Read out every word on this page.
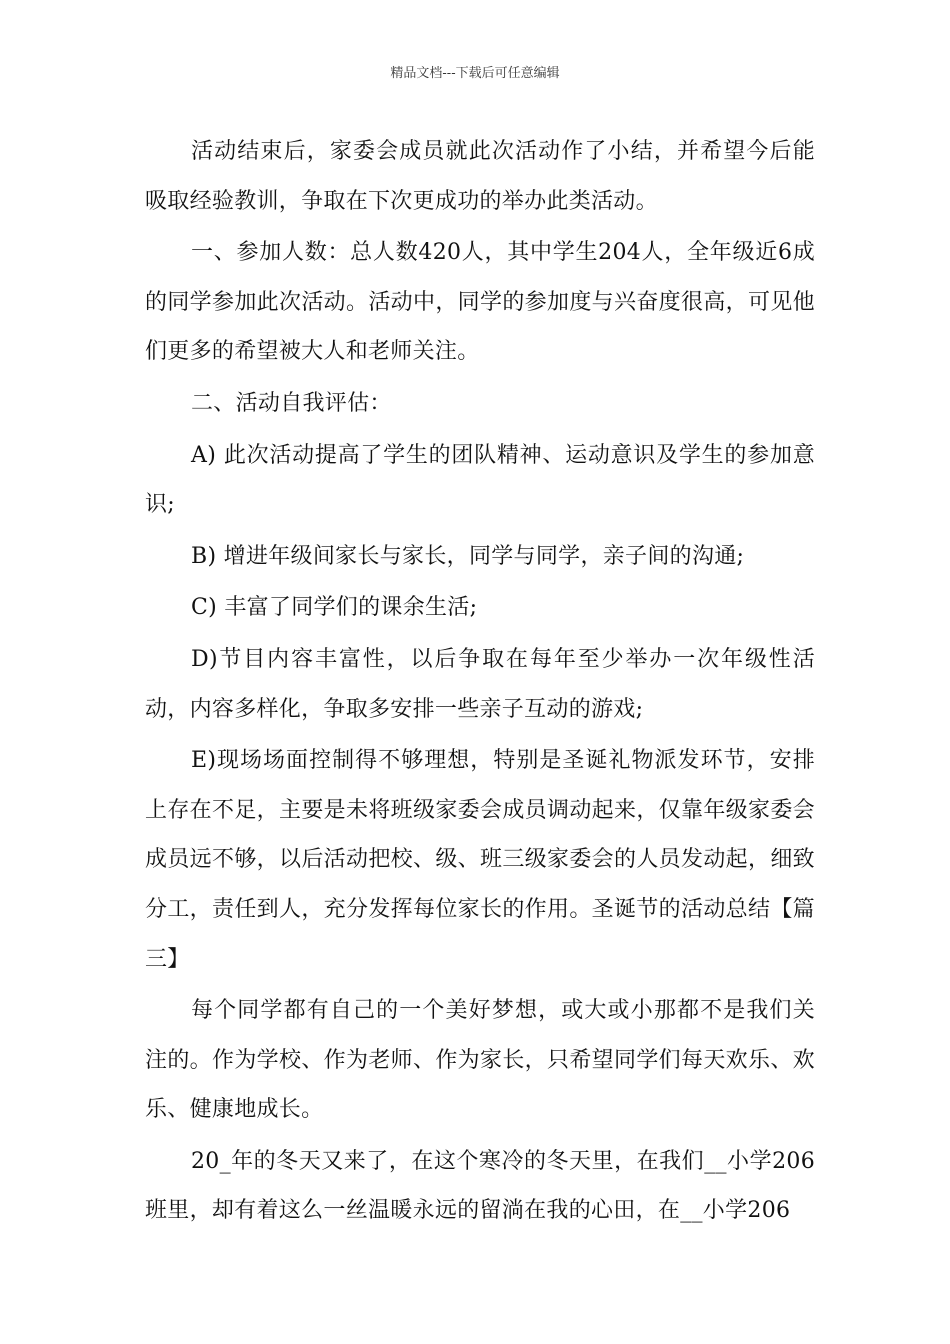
精品文档---下载后可任意编辑

活动结束后，家委会成员就此次活动作了小结，并希望今后能吸取经验教训，争取在下次更成功的举办此类活动。

一、参加人数：总人数420人，其中学生204人，全年级近6成的同学参加此次活动。活动中，同学的参加度与兴奋度很高，可见他们更多的希望被大人和老师关注。

二、活动自我评估：

A) 此次活动提高了学生的团队精神、运动意识及学生的参加意识;

B) 增进年级间家长与家长，同学与同学，亲子间的沟通;

C) 丰富了同学们的课余生活;

D)节目内容丰富性，以后争取在每年至少举办一次年级性活动，内容多样化，争取多安排一些亲子互动的游戏;

E)现场场面控制得不够理想，特别是圣诞礼物派发环节，安排上存在不足，主要是未将班级家委会成员调动起来，仅靠年级家委会成员远不够，以后活动把校、级、班三级家委会的人员发动起，细致分工，责任到人，充分发挥每位家长的作用。圣诞节的活动总结【篇三】

每个同学都有自己的一个美好梦想，或大或小那都不是我们关注的。作为学校、作为老师、作为家长，只希望同学们每天欢乐、欢乐、健康地成长。

20_年的冬天又来了，在这个寒冷的冬天里，在我们__小学206班里，却有着这么一丝温暖永远的留淌在我的心田，在__小学206
